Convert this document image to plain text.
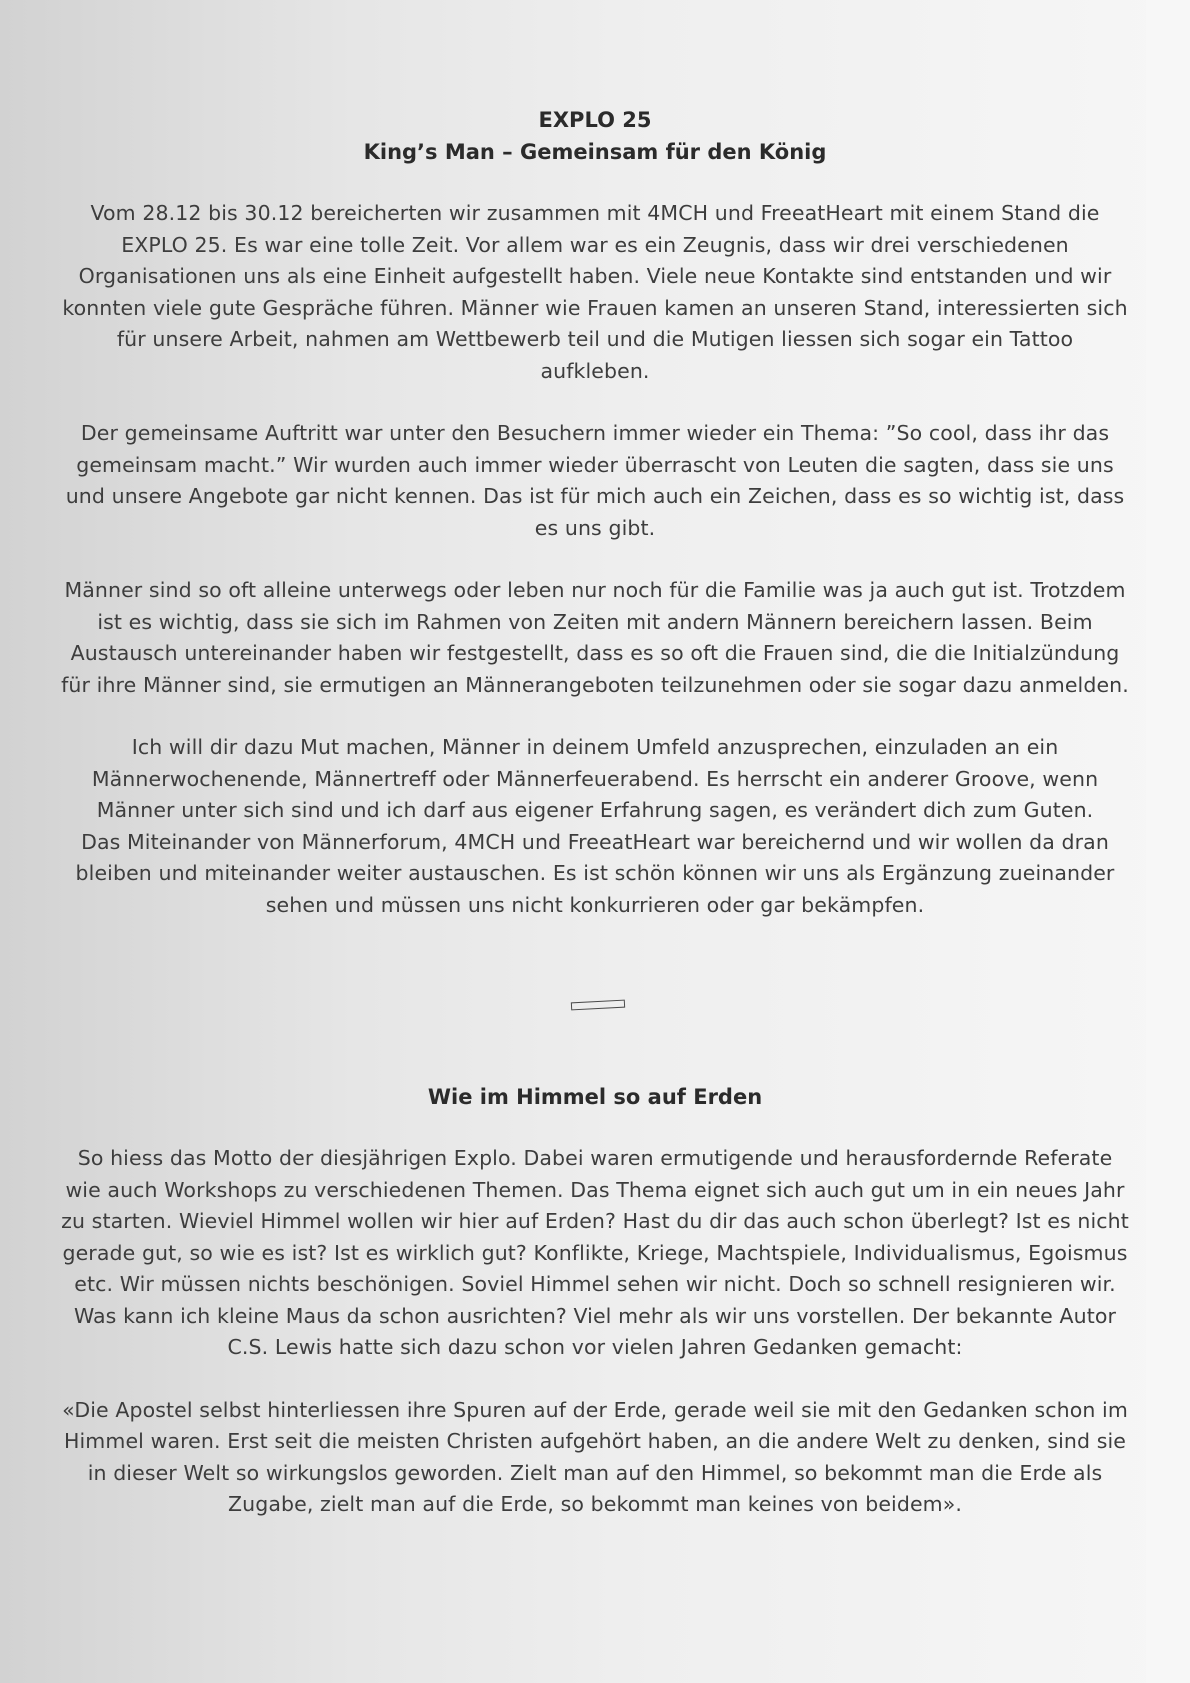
EXPLO 25
King’s Man – Gemeinsam für den König

Vom 28.12 bis 30.12 bereicherten wir zusammen mit 4MCH und FreeatHeart mit einem Stand die EXPLO 25. Es war eine tolle Zeit. Vor allem war es ein Zeugnis, dass wir drei verschiedenen Organisationen uns als eine Einheit aufgestellt haben. Viele neue Kontakte sind entstanden und wir konnten viele gute Gespräche führen. Männer wie Frauen kamen an unseren Stand, interessierten sich für unsere Arbeit, nahmen am Wettbewerb teil und die Mutigen liessen sich sogar ein Tattoo aufkleben.

Der gemeinsame Auftritt war unter den Besuchern immer wieder ein Thema: ”So cool, dass ihr das gemeinsam macht.” Wir wurden auch immer wieder überrascht von Leuten die sagten, dass sie uns und unsere Angebote gar nicht kennen. Das ist für mich auch ein Zeichen, dass es so wichtig ist, dass es uns gibt.

Männer sind so oft alleine unterwegs oder leben nur noch für die Familie was ja auch gut ist. Trotzdem ist es wichtig, dass sie sich im Rahmen von Zeiten mit andern Männern bereichern lassen. Beim Austausch untereinander haben wir festgestellt, dass es so oft die Frauen sind, die die Initialzündung für ihre Männer sind, sie ermutigen an Männerangeboten teilzunehmen oder sie sogar dazu anmelden.

Ich will dir dazu Mut machen, Männer in deinem Umfeld anzusprechen, einzuladen an ein Männerwochenende, Männertreff oder Männerfeuerabend. Es herrscht ein anderer Groove, wenn Männer unter sich sind und ich darf aus eigener Erfahrung sagen, es verändert dich zum Guten.

Das Miteinander von Männerforum, 4MCH und FreeatHeart war bereichernd und wir wollen da dran bleiben und miteinander weiter austauschen. Es ist schön können wir uns als Ergänzung zueinander sehen und müssen uns nicht konkurrieren oder gar bekämpfen.

Wie im Himmel so auf Erden

So hiess das Motto der diesjährigen Explo. Dabei waren ermutigende und herausfordernde Referate wie auch Workshops zu verschiedenen Themen. Das Thema eignet sich auch gut um in ein neues Jahr zu starten. Wieviel Himmel wollen wir hier auf Erden? Hast du dir das auch schon überlegt? Ist es nicht gerade gut, so wie es ist? Ist es wirklich gut? Konflikte, Kriege, Machtspiele, Individualismus, Egoismus etc. Wir müssen nichts beschönigen. Soviel Himmel sehen wir nicht. Doch so schnell resignieren wir. Was kann ich kleine Maus da schon ausrichten? Viel mehr als wir uns vorstellen. Der bekannte Autor C.S. Lewis hatte sich dazu schon vor vielen Jahren Gedanken gemacht:

«Die Apostel selbst hinterliessen ihre Spuren auf der Erde, gerade weil sie mit den Gedanken schon im Himmel waren. Erst seit die meisten Christen aufgehört haben, an die andere Welt zu denken, sind sie in dieser Welt so wirkungslos geworden. Zielt man auf den Himmel, so bekommt man die Erde als Zugabe, zielt man auf die Erde, so bekommt man keines von beidem».
